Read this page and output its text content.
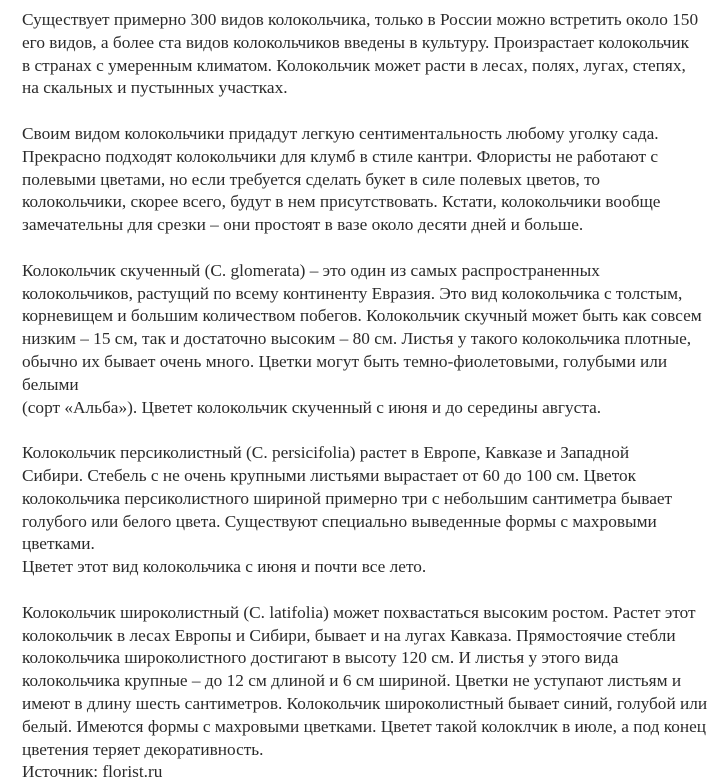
Существует примерно 300 видов колокольчика, только в России можно встретить около 150
его видов, а более ста видов колокольчиков введены в культуру. Произрастает колокольчик
в странах с умеренным климатом. Колокольчик может расти в лесах, полях, лугах, степях,
на скальных и пустынных участках.

Своим видом колокольчики придадут легкую сентиментальность любому уголку сада.
Прекрасно подходят колокольчики для клумб в стиле кантри. Флористы не работают с
полевыми цветами, но если требуется сделать букет в силе полевых цветов, то
колокольчики, скорее всего, будут в нем присутствовать. Кстати, колокольчики вообще
замечательны для срезки – они простоят в вазе около десяти дней и больше.

Колокольчик скученный (C. glomerata) – это один из самых распространенных
колокольчиков, растущий по всему континенту Евразия. Это вид колокольчика с толстым,
корневищем и большим количеством побегов. Колокольчик скучный может быть как совсем
низким – 15 см, так и достаточно высоким – 80 см. Листья у такого колокольчика плотные,
обычно их бывает очень много. Цветки могут быть темно-фиолетовыми, голубыми или белыми
(сорт «Альба»). Цветет колокольчик скученный с июня и до середины августа.

Колокольчик персиколистный (C. persicifolia) растет в Европе, Кавказе и Западной
Сибири. Стебель с не очень крупными листьями вырастает от 60 до 100 см. Цветок
колокольчика персиколистного шириной примерно три с небольшим сантиметра бывает
голубого или белого цвета. Существуют специально выведенные формы с махровыми цветками.
Цветет этот вид колокольчика с июня и почти все лето.

Колокольчик широколистный (C. latifolia) может похвастаться высоким ростом. Растет этот
колокольчик в лесах Европы и Сибири, бывает и на лугах Кавказа. Прямостоячие стебли
колокольчика широколистного достигают в высоту 120 см. И листья у этого вида
колокольчика крупные – до 12 см длиной и 6 см шириной. Цветки не уступают листьям и
имеют в длину шесть сантиметров. Колокольчик широколистный бывает синий, голубой или
белый. Имеются формы с махровыми цветками. Цветет такой колоклчик в июле, а под конец
цветения теряет декоративность.

Источник: florist.ru
